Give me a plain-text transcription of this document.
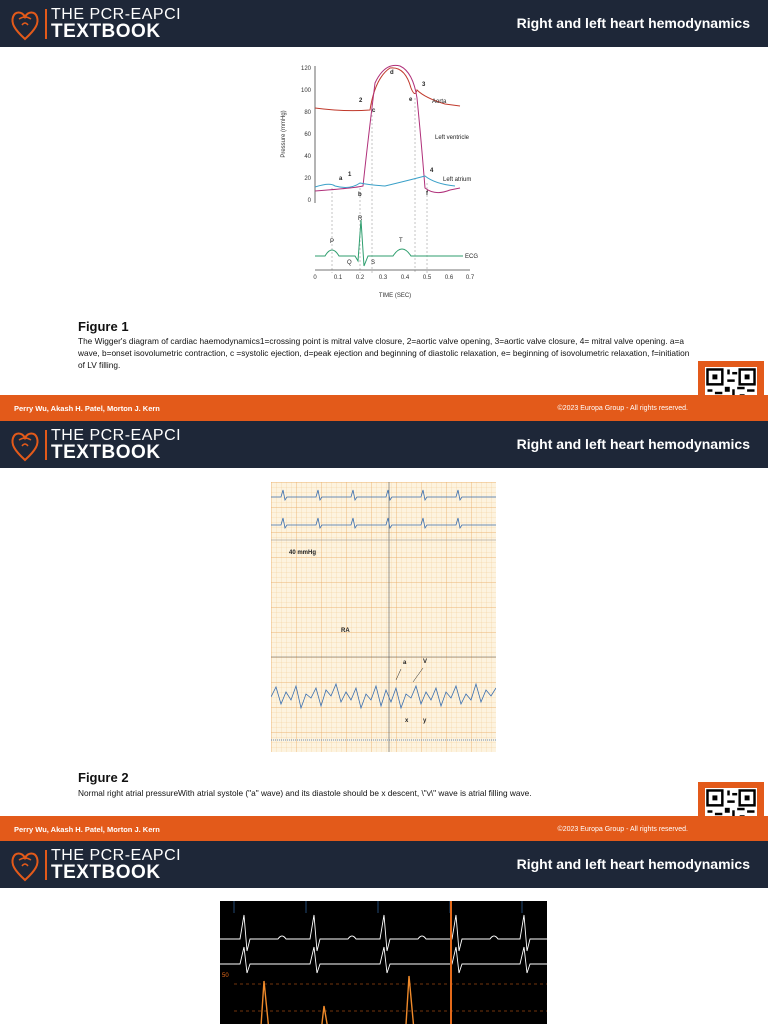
THE PCR-EAPCI
TEXTBOOK	Right and left heart hemodynamics
120
100
80
60
40
20
0
Pressure (mmHg)
Aorta
Left ventricle
Left atrium
ECG
a
1
b
2
c
d
3
e
4
f
P
Q
R
S
T
0	0.1 0.2 0.3 0.4 0.5 0.6 0.7
TIME (SEC)
Figure 1
The Wigger's diagram of cardiac haemodynamics1=crossing point is mitral valve closure, 2=aortic valve opening, 3=aortic valve closure, 4= mitral valve opening. a=a wave, b=onset isovolumetric contraction, c =systolic ejection, d=peak ejection and beginning of diastolic relaxation, e= beginning of isovolumetric relaxation, f=initiation of LV filling.
Perry Wu, Akash H. Patel, Morton J. Kern	©2023 Europa Group - All rights reserved.
THE PCR-EAPCI
TEXTBOOK	Right and left heart hemodynamics
40 mmHg
RA
a	V
x y
Figure 2
Normal right atrial pressureWith atrial systole ("a" wave) and its diastole should be x descent, \"v\" wave is atrial filling wave.
Perry Wu, Akash H. Patel, Morton J. Kern	©2023 Europa Group - All rights reserved.
THE PCR-EAPCI
TEXTBOOK	Right and left heart hemodynamics
50
